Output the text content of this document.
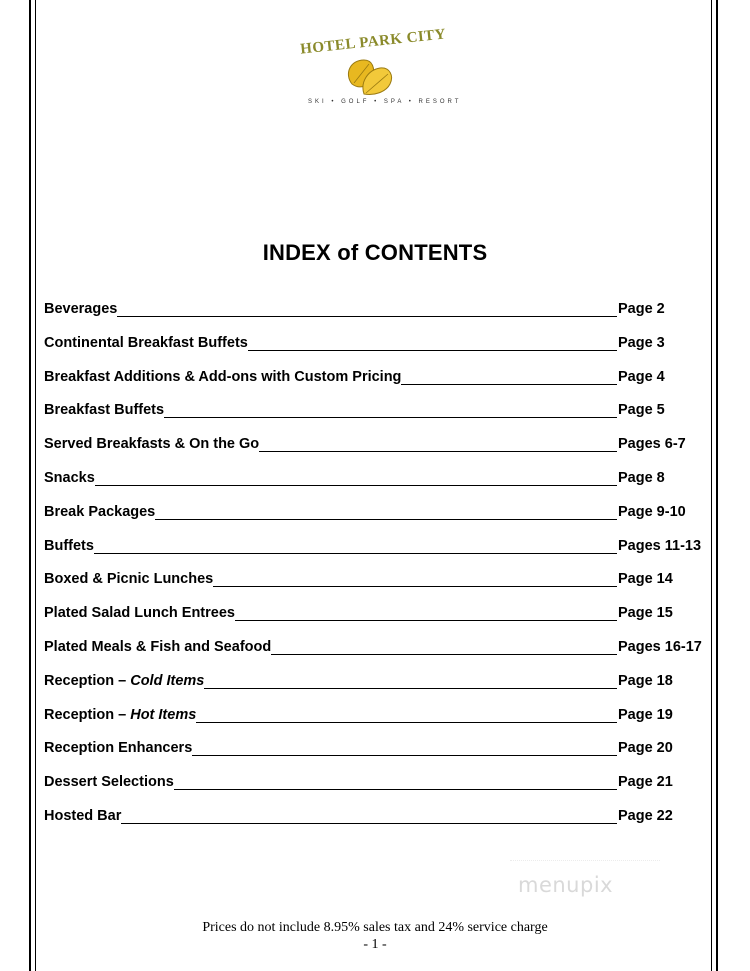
HOTEL PARK CITY
SKI • GOLF • SPA • RESORT
INDEX of CONTENTS
Beverages	Page 2
Continental Breakfast Buffets	Page 3
Breakfast Additions & Add-ons with Custom Pricing	Page 4
Breakfast Buffets	Page 5
Served Breakfasts & On the Go	Pages 6-7
Snacks	Page 8
Break Packages	Page 9-10
Buffets	Pages 11-13
Boxed & Picnic Lunches	Page 14
Plated Salad Lunch Entrees	Page 15
Plated Meals & Fish and Seafood	Pages 16-17
Reception – Cold Items	Page 18
Reception – Hot Items	Page 19
Reception Enhancers	Page 20
Dessert Selections	Page 21
Hosted Bar	Page 22
menupix
Prices do not include 8.95% sales tax and 24% service charge
- 1 -
